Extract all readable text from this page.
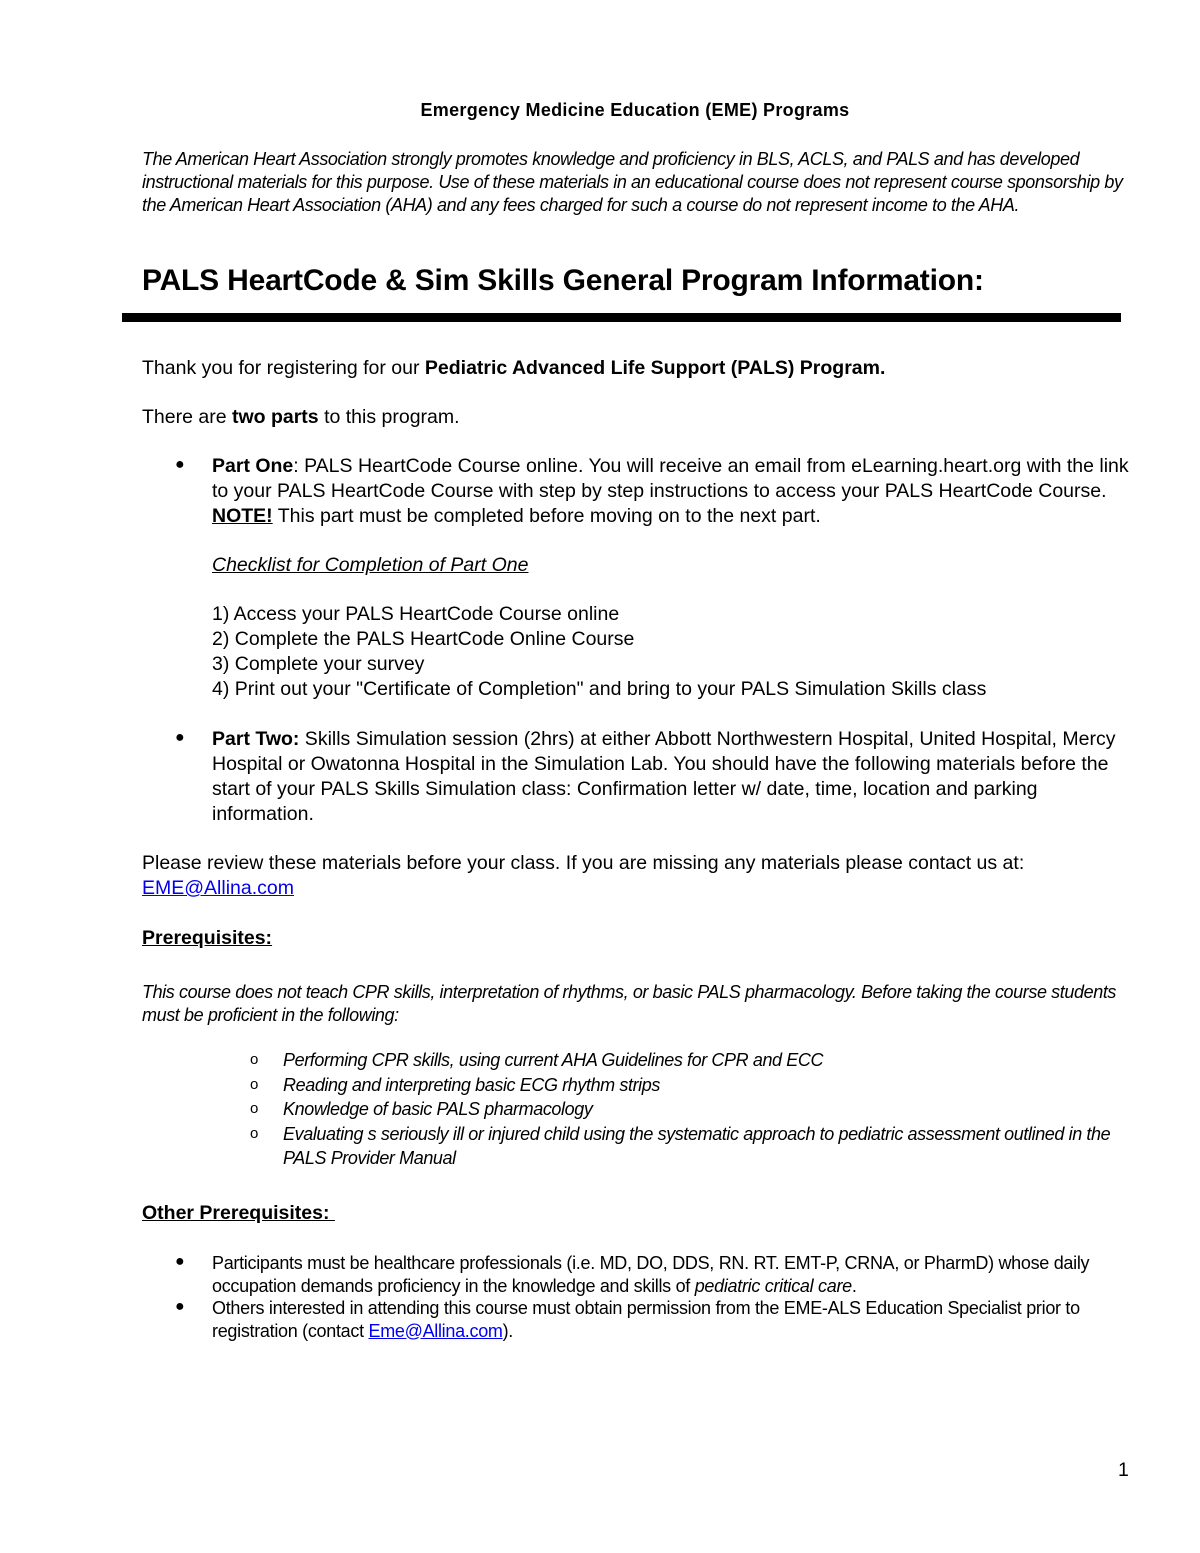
Emergency Medicine Education (EME) Programs
The American Heart Association strongly promotes knowledge and proficiency in BLS, ACLS, and PALS and has developed instructional materials for this purpose. Use of these materials in an educational course does not represent course sponsorship by the American Heart Association (AHA) and any fees charged for such a course do not represent income to the AHA.
PALS HeartCode & Sim Skills General Program Information:
Thank you for registering for our Pediatric Advanced Life Support (PALS) Program.
There are two parts to this program.
● Part One: PALS HeartCode Course online. You will receive an email from eLearning.heart.org with the link to your PALS HeartCode Course with step by step instructions to access your PALS HeartCode Course. NOTE! This part must be completed before moving on to the next part.
Checklist for Completion of Part One
1) Access your PALS HeartCode Course online
2) Complete the PALS HeartCode Online Course
3) Complete your survey
4) Print out your "Certificate of Completion" and bring to your PALS Simulation Skills class
● Part Two: Skills Simulation session (2hrs) at either Abbott Northwestern Hospital, United Hospital, Mercy Hospital or Owatonna Hospital in the Simulation Lab. You should have the following materials before the start of your PALS Skills Simulation class: Confirmation letter w/ date, time, location and parking information.
Please review these materials before your class. If you are missing any materials please contact us at: EME@Allina.com
Prerequisites:
This course does not teach CPR skills, interpretation of rhythms, or basic PALS pharmacology. Before taking the course students must be proficient in the following:
o	Performing CPR skills, using current AHA Guidelines for CPR and ECC
o	Reading and interpreting basic ECG rhythm strips
o	Knowledge of basic PALS pharmacology
o	Evaluating s seriously ill or injured child using the systematic approach to pediatric assessment outlined in the PALS Provider Manual
Other Prerequisites:
● Participants must be healthcare professionals (i.e. MD, DO, DDS, RN. RT. EMT-P, CRNA, or PharmD) whose daily occupation demands proficiency in the knowledge and skills of pediatric critical care.
● Others interested in attending this course must obtain permission from the EME-ALS Education Specialist prior to registration (contact Eme@Allina.com).
1
